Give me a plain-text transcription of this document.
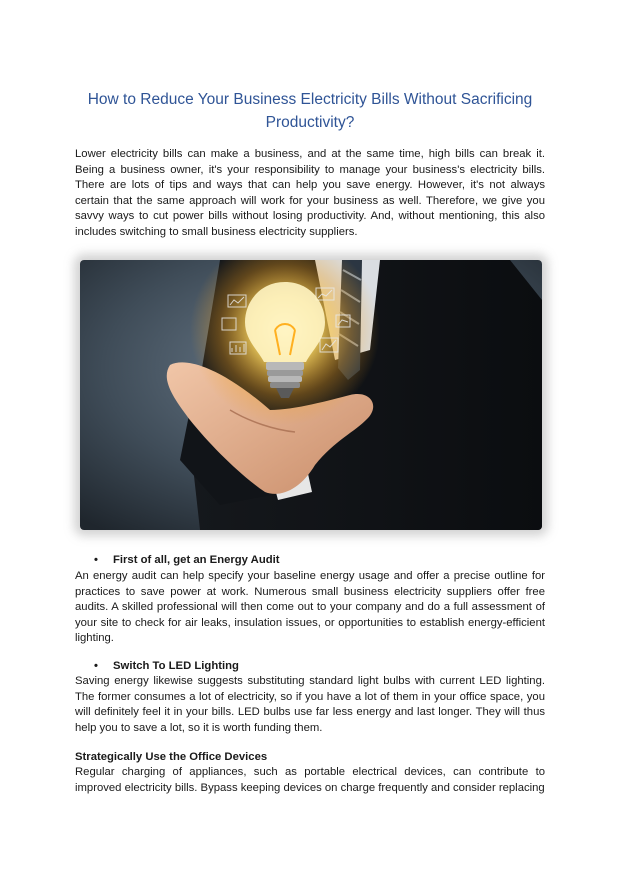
How to Reduce Your Business Electricity Bills Without Sacrificing Productivity?

Lower electricity bills can make a business, and at the same time, high bills can break it. Being a business owner, it's your responsibility to manage your business's electricity bills. There are lots of tips and ways that can help you save energy. However, it's not always certain that the same approach will work for your business as well. Therefore, we give you savvy ways to cut power bills without losing productivity. And, without mentioning, this also includes switching to small business electricity suppliers.

• First of all, get an Energy Audit

An energy audit can help specify your baseline energy usage and offer a precise outline for practices to save power at work. Numerous small business electricity suppliers offer free audits. A skilled professional will then come out to your company and do a full assessment of your site to check for air leaks, insulation issues, or opportunities to establish energy-efficient lighting.

• Switch To LED Lighting

Saving energy likewise suggests substituting standard light bulbs with current LED lighting. The former consumes a lot of electricity, so if you have a lot of them in your office space, you will definitely feel it in your bills. LED bulbs use far less energy and last longer. They will thus help you to save a lot, so it is worth funding them.

Strategically Use the Office Devices

Regular charging of appliances, such as portable electrical devices, can contribute to improved electricity bills. Bypass keeping devices on charge frequently and consider replacing
